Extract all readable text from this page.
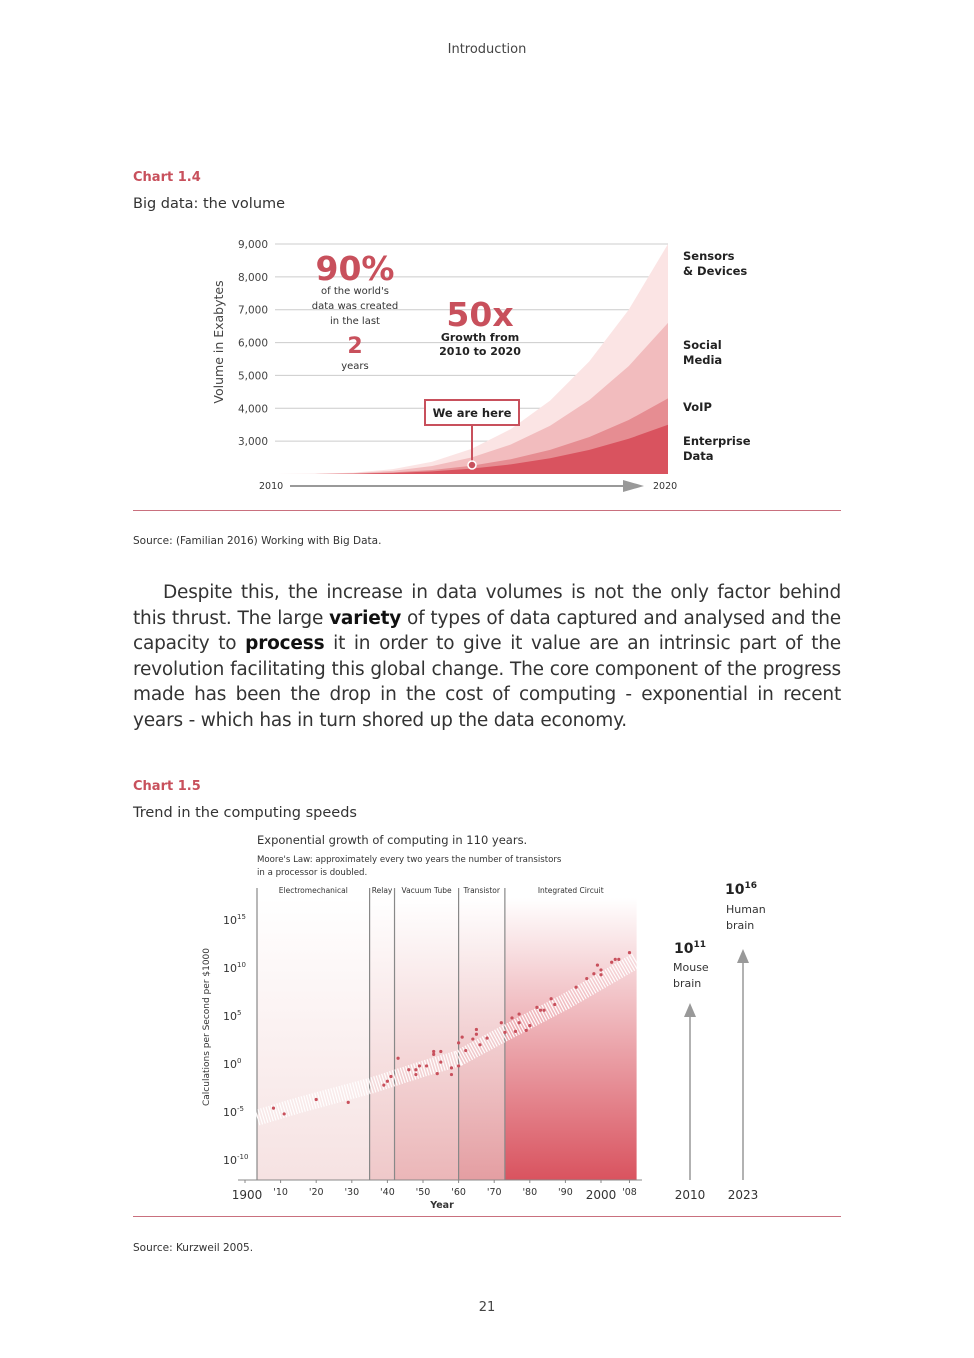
Introduction
Chart 1.4
Big data: the volume
3,000
4,000
5,000
6,000
7,000
8,000
9,000
Volume in Exabytes
90%
of the world's
data was created
in the last
2
years
50x
Growth from
2010 to 2020
We are here
2010	2020
Sensors
& Devices
Social
Media
VoIP
Enterprise
Data
Source: (Familian 2016) Working with Big Data.
Despite this, the increase in data volumes is not the only factor behind this thrust. The large variety of types of data captured and analysed and the capacity to process it in order to give it value are an intrinsic part of the revolution facilitating this global change. The core component of the progress made has been the drop in the cost of computing - exponential in recent years - which has in turn shored up the data economy.
Chart 1.5
Trend in the computing speeds
Exponential growth of computing in 110 years.
Moore's Law: approximately every two years the number of transistors
in a processor is doubled.
Electromechanical	Relay Vacuum Tube Transistor	Integrated Circuit
1900 '10 '20 '30 '40 '50 '60 '70 '80 '90 2000 '08
$10^{15}$
$10^{10}$
$10^5$
$10^0$
$10^{-5}$
$10^{-10}$
Calculations per Second per $1000
Year
$10^{11}$
Mouse
brain
2010
$10^{16}$
Human
brain
2023
Source: Kurzweil 2005.
21
